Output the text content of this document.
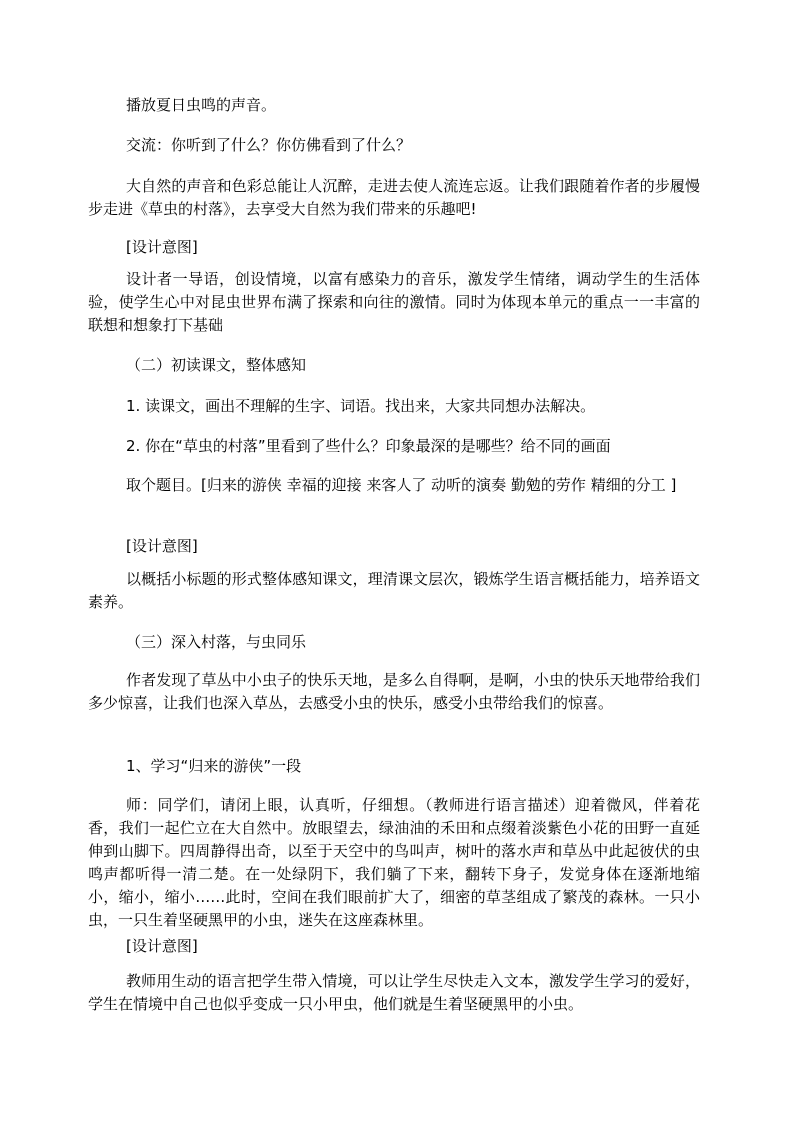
播放夏日虫鸣的声音。

交流：你听到了什么？你仿佛看到了什么？

大自然的声音和色彩总能让人沉醉，走进去使人流连忘返。让我们跟随着作者的步履慢步走进《草虫的村落》，去享受大自然为我们带来的乐趣吧!

[设计意图]

设计者一导语，创设情境，以富有感染力的音乐，激发学生情绪，调动学生的生活体验，使学生心中对昆虫世界布满了探索和向往的激情。同时为体现本单元的重点一一丰富的联想和想象打下基础

（二）初读课文，整体感知

1. 读课文，画出不理解的生字、词语。找出来，大家共同想办法解决。

2. 你在“草虫的村落”里看到了些什么？印象最深的是哪些？给不同的画面

取个题目。[归来的游侠 幸福的迎接 来客人了 动听的演奏 勤勉的劳作 精细的分工 ]

[设计意图]

以概括小标题的形式整体感知课文，理清课文层次，锻炼学生语言概括能力，培养语文素养。

（三）深入村落，与虫同乐

作者发现了草丛中小虫子的快乐天地，是多么自得啊，是啊，小虫的快乐天地带给我们多少惊喜，让我们也深入草丛，去感受小虫的快乐，感受小虫带给我们的惊喜。

1、学习“归来的游侠”一段

师：同学们，请闭上眼，认真听，仔细想。（教师进行语言描述）迎着微风，伴着花香，我们一起伫立在大自然中。放眼望去，绿油油的禾田和点缀着淡紫色小花的田野一直延伸到山脚下。四周静得出奇，以至于天空中的鸟叫声，树叶的落水声和草丛中此起彼伏的虫鸣声都听得一清二楚。在一处绿阴下，我们躺了下来，翻转下身子，发觉身体在逐渐地缩小，缩小，缩小……此时，空间在我们眼前扩大了，细密的草茎组成了繁茂的森林。一只小虫，一只生着坚硬黑甲的小虫，迷失在这座森林里。

[设计意图]

教师用生动的语言把学生带入情境，可以让学生尽快走入文本，激发学生学习的爱好，学生在情境中自己也似乎变成一只小甲虫，他们就是生着坚硬黑甲的小虫。
